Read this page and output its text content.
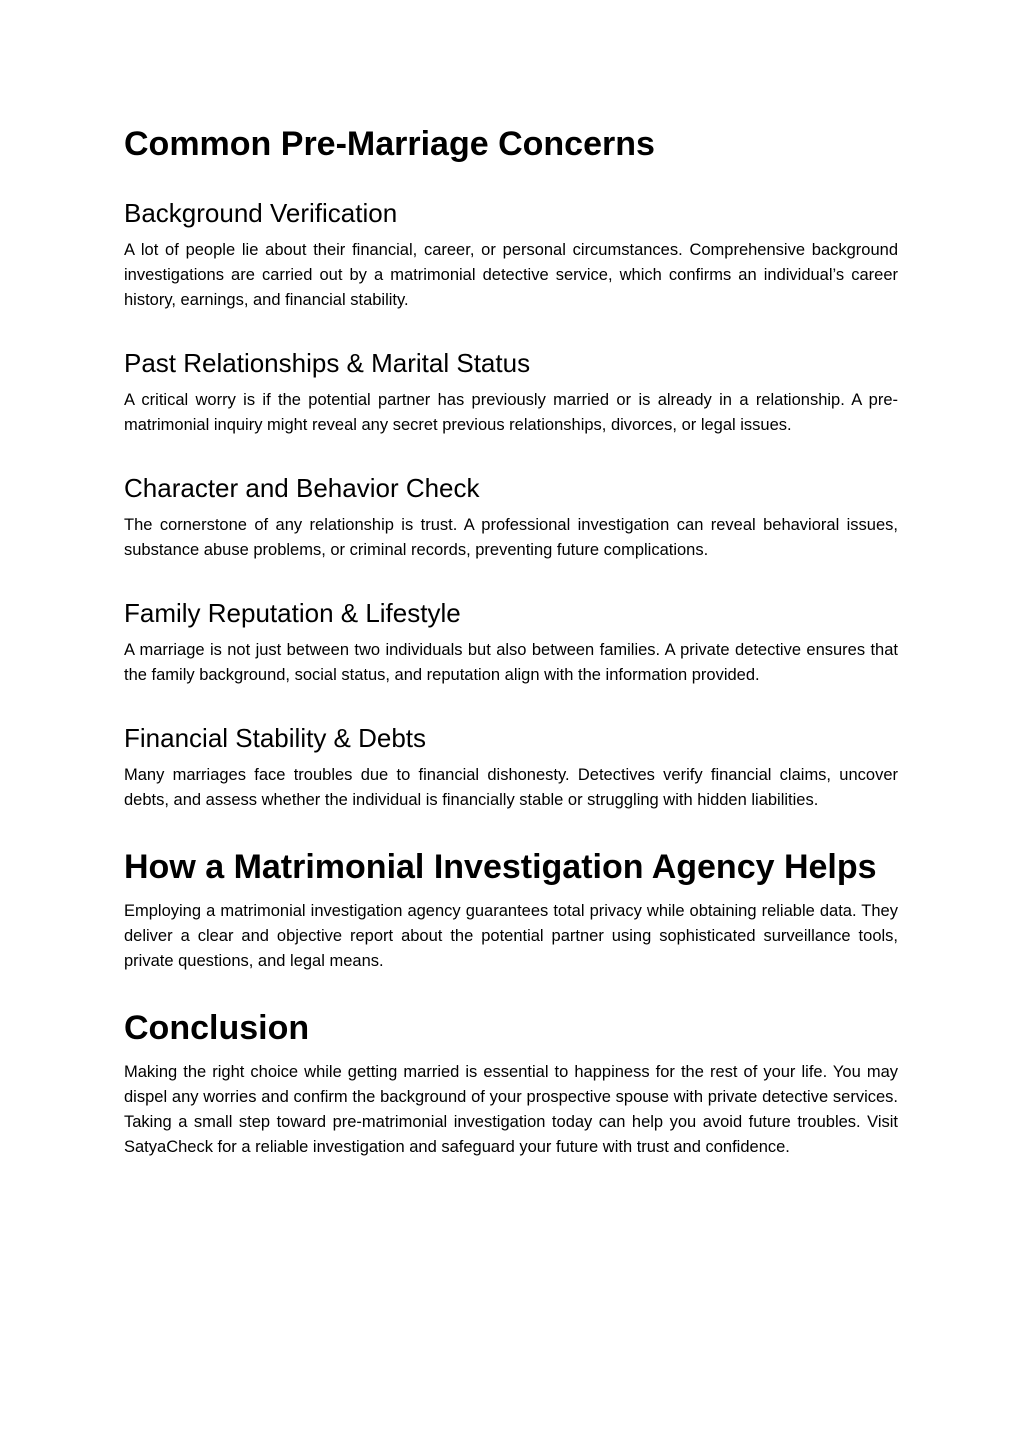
Common Pre-Marriage Concerns
Background Verification

A lot of people lie about their financial, career, or personal circumstances. Comprehensive background investigations are carried out by a matrimonial detective service, which confirms an individual’s career history, earnings, and financial stability.

Past Relationships & Marital Status

A critical worry is if the potential partner has previously married or is already in a relationship. A pre-matrimonial inquiry might reveal any secret previous relationships, divorces, or legal issues.

Character and Behavior Check

The cornerstone of any relationship is trust. A professional investigation can reveal behavioral issues, substance abuse problems, or criminal records, preventing future complications.

Family Reputation & Lifestyle

A marriage is not just between two individuals but also between families. A private detective ensures that the family background, social status, and reputation align with the information provided.

Financial Stability & Debts

Many marriages face troubles due to financial dishonesty. Detectives verify financial claims, uncover debts, and assess whether the individual is financially stable or struggling with hidden liabilities.

How a Matrimonial Investigation Agency Helps

Employing a matrimonial investigation agency guarantees total privacy while obtaining reliable data. They deliver a clear and objective report about the potential partner using sophisticated surveillance tools, private questions, and legal means.

Conclusion

Making the right choice while getting married is essential to happiness for the rest of your life. You may dispel any worries and confirm the background of your prospective spouse with private detective services. Taking a small step toward pre-matrimonial investigation today can help you avoid future troubles. Visit SatyaCheck for a reliable investigation and safeguard your future with trust and confidence.
